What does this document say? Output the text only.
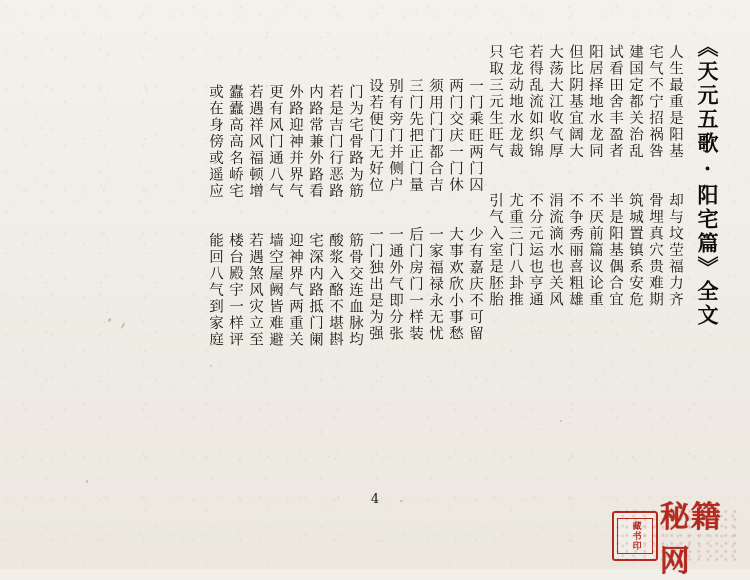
《天元五歌·阳宅篇》全文
人生最重是阳基　　却与坟茔福力齐
宅气不宁招祸咎　　骨埋真穴贵难期
建国定都关治乱　　筑城置镇系安危
试看田舍丰盈者　　半是阳基偶合宜
阳居择地水龙同　　不厌前篇议论重
但比阴基宜阔大　　不争秀丽喜粗雄
大荡大江收气厚　　涓流滴水也关风
若得乱流如织锦　　不分元运也亨通
宅龙动地水龙裁　　尤重三门八卦推
只取三元生旺气　　引气入室是胚胎
一门乘旺两门囚　　少有嘉庆不可留
两门交庆一门休　　大事欢欣小事愁
须用门门都合吉　　一家福禄永无忧
三门先把正门量　　后门房门一样装
别有旁门并侧户　　一通外气即分张
设若便门无好位　　一门独出是为强
门为宅骨路为筋　　筋骨交连血脉均
若是吉门行恶路　　酸浆入酪不堪斟
内路常兼外路看　　宅深内路抵门阑
外路迎神并界气　　迎神界气两重关
更有风门通八气　　墙空屋阙皆难避
若遇祥风福顿增　　若遇煞风灾立至
蠹蠹高高名峤宅　　楼台殿宇一样评
或在身傍或遥应　　能回八气到家庭
4
藏书印
秘籍网
